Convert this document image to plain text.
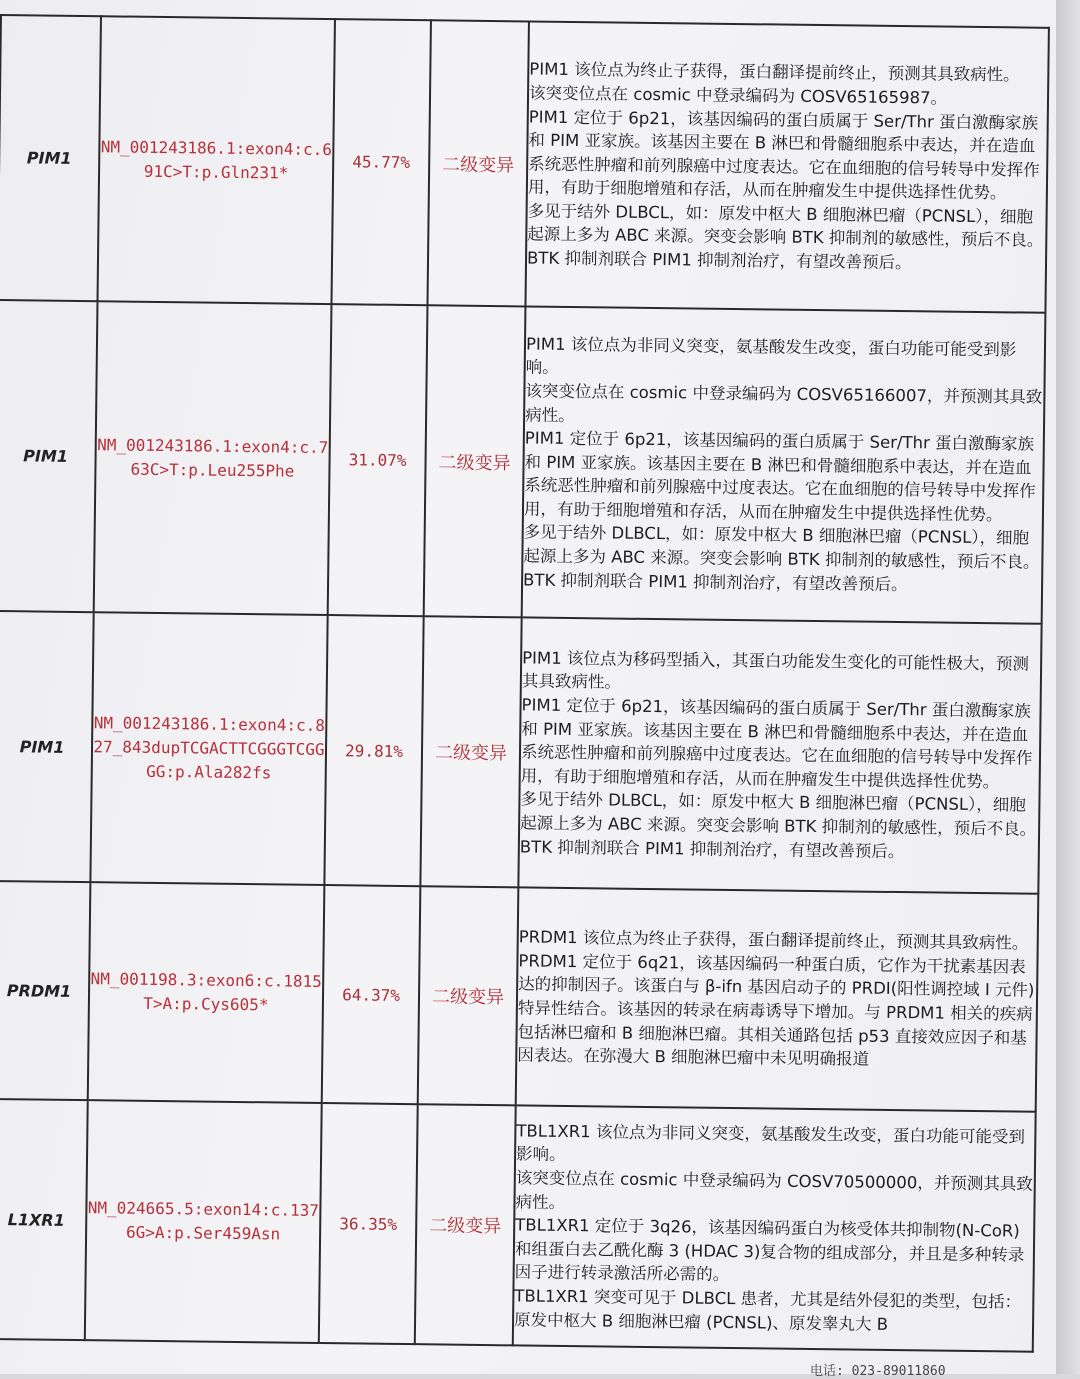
PIM1	NM_001243186.1:exon4:c.691C>T:p.Gln231*	45.77%	二级变异	PIM1 该位点为终止子获得，蛋白翻译提前终止，预测其具致病性。

该突变位点在 cosmic 中登录编码为 COSV65165987。

PIM1 定位于 6p21，该基因编码的蛋白质属于 Ser/Thr 蛋白激酶家族和 PIM 亚家族。该基因主要在 B 淋巴和骨髓细胞系中表达，并在造血系统恶性肿瘤和前列腺癌中过度表达。它在血细胞的信号转导中发挥作用，有助于细胞增殖和存活，从而在肿瘤发生中提供选择性优势。

多见于结外 DLBCL，如：原发中枢大 B 细胞淋巴瘤（PCNSL），细胞起源上多为 ABC 来源。突变会影响 BTK 抑制剂的敏感性，预后不良。BTK 抑制剂联合 PIM1 抑制剂治疗，有望改善预后。

PIM1	NM_001243186.1:exon4:c.763C>T:p.Leu255Phe	31.07%	二级变异	PIM1 该位点为非同义突变，氨基酸发生改变，蛋白功能可能受到影响。

该突变位点在 cosmic 中登录编码为 COSV65166007，并预测其具致病性。

PIM1 定位于 6p21，该基因编码的蛋白质属于 Ser/Thr 蛋白激酶家族和 PIM 亚家族。该基因主要在 B 淋巴和骨髓细胞系中表达，并在造血系统恶性肿瘤和前列腺癌中过度表达。它在血细胞的信号转导中发挥作用，有助于细胞增殖和存活，从而在肿瘤发生中提供选择性优势。

多见于结外 DLBCL，如：原发中枢大 B 细胞淋巴瘤（PCNSL），细胞起源上多为 ABC 来源。突变会影响 BTK 抑制剂的敏感性，预后不良。BTK 抑制剂联合 PIM1 抑制剂治疗，有望改善预后。

PIM1	NM_001243186.1:exon4:c.827_843dupTCGACTTCGGGTCGGGG:p.Ala282fs	29.81%	二级变异	PIM1 该位点为移码型插入，其蛋白功能发生变化的可能性极大，预测其具致病性。

PIM1 定位于 6p21，该基因编码的蛋白质属于 Ser/Thr 蛋白激酶家族和 PIM 亚家族。该基因主要在 B 淋巴和骨髓细胞系中表达，并在造血系统恶性肿瘤和前列腺癌中过度表达。它在血细胞的信号转导中发挥作用，有助于细胞增殖和存活，从而在肿瘤发生中提供选择性优势。

多见于结外 DLBCL，如：原发中枢大 B 细胞淋巴瘤（PCNSL），细胞起源上多为 ABC 来源。突变会影响 BTK 抑制剂的敏感性，预后不良。BTK 抑制剂联合 PIM1 抑制剂治疗，有望改善预后。

PRDM1	NM_001198.3:exon6:c.1815T>A:p.Cys605*	64.37%	二级变异	PRDM1 该位点为终止子获得，蛋白翻译提前终止，预测其具致病性。

PRDM1 定位于 6q21，该基因编码一种蛋白质，它作为干扰素基因表达的抑制因子。该蛋白与 β-ifn 基因启动子的 PRDI(阳性调控域 I 元件)特异性结合。该基因的转录在病毒诱导下增加。与 PRDM1 相关的疾病包括淋巴瘤和 B 细胞淋巴瘤。其相关通路包括 p53 直接效应因子和基因表达。在弥漫大 B 细胞淋巴瘤中未见明确报道

L1XR1	NM_024665.5:exon14:c.1376G>A:p.Ser459Asn	36.35%	二级变异	TBL1XR1 该位点为非同义突变，氨基酸发生改变，蛋白功能可能受到影响。

该突变位点在 cosmic 中登录编码为 COSV70500000，并预测其具致病性。

TBL1XR1 定位于 3q26，该基因编码蛋白为核受体共抑制物(N-CoR)和组蛋白去乙酰化酶 3 (HDAC 3)复合物的组成部分，并且是多种转录因子进行转录激活所必需的。

TBL1XR1 突变可见于 DLBCL 患者，尤其是结外侵犯的类型，包括：原发中枢大 B 细胞淋巴瘤 (PCNSL)、原发睾丸大 B

电话: 023-89011860
